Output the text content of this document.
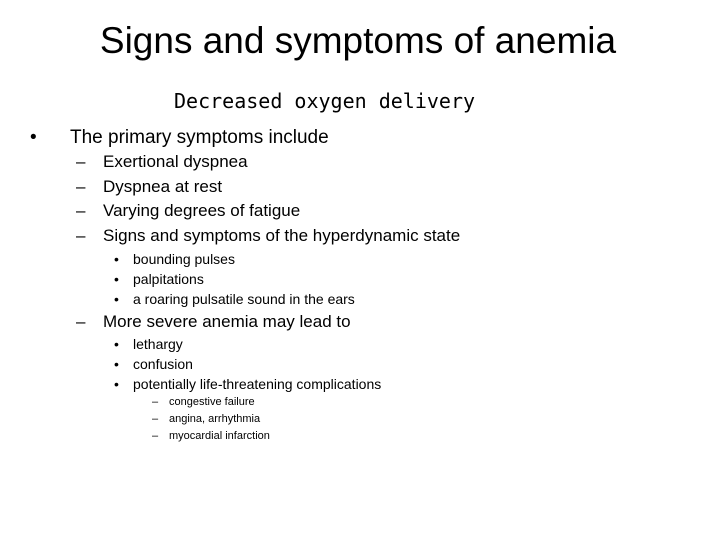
Signs and symptoms of anemia
Decreased oxygen delivery
• The primary symptoms include
– Exertional dyspnea
– Dyspnea at rest
– Varying degrees of fatigue
– Signs and symptoms of the hyperdynamic state
• bounding pulses
• palpitations
• a roaring pulsatile sound in the ears
– More severe anemia may lead to
• lethargy
• confusion
• potentially life-threatening complications
– congestive failure
– angina, arrhythmia
– myocardial infarction
